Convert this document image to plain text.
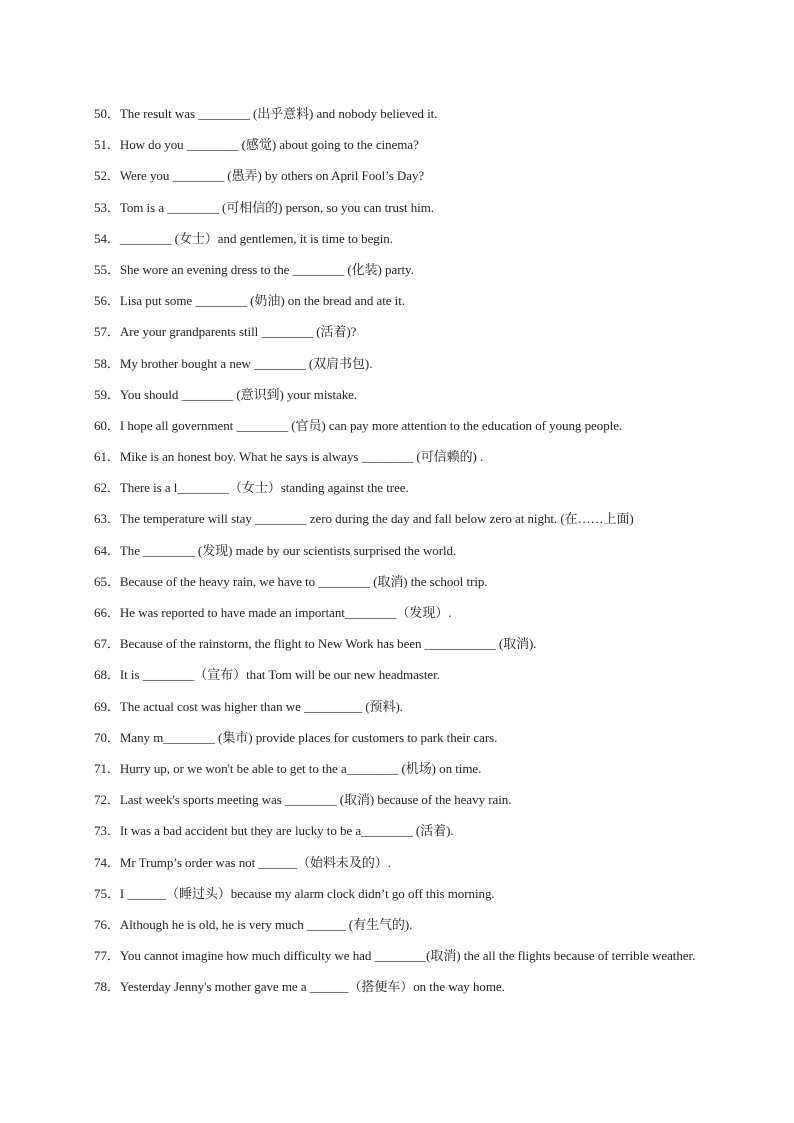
50．The result was ________ (出乎意料) and nobody believed it.
51．How do you ________ (感觉) about going to the cinema?
52．Were you ________ (愚弄) by others on April Fool’s Day?
53．Tom is a ________ (可相信的) person, so you can trust him.
54．________ (女士）and gentlemen, it is time to begin.
55．She wore an evening dress to the ________ (化装) party.
56．Lisa put some ________ (奶油) on the bread and ate it.
57．Are your grandparents still ________ (活着)?
58．My brother bought a new ________ (双肩书包).
59．You should ________ (意识到) your mistake.
60．I hope all government ________ (官员) can pay more attention to the education of young people.
61．Mike is an honest boy. What he says is always ________ (可信赖的) .
62．There is a l________（女士）standing against the tree.
63．The temperature will stay ________ zero during the day and fall below zero at night. (在……上面)
64．The ________ (发现) made by our scientists surprised the world.
65．Because of the heavy rain, we have to ________ (取消) the school trip.
66．He was reported to have made an important________（发现）.
67．Because of the rainstorm, the flight to New Work has been ___________ (取消).
68．It is ________（宣布）that Tom will be our new headmaster.
69．The actual cost was higher than we _________ (预料).
70．Many m________ (集市) provide places for customers to park their cars.
71．Hurry up, or we won't be able to get to the a________ (机场) on time.
72．Last week's sports meeting was ________ (取消) because of the heavy rain.
73．It was a bad accident but they are lucky to be a________ (活着).
74．Mr Trump’s order was not ______（始料未及的）.
75．I ______（睡过头）because my alarm clock didn’t go off this morning.
76．Although he is old, he is very much ______ (有生气的).
77．You cannot imagine how much difficulty we had ________(取消) the all the flights because of terrible weather.
78．Yesterday Jenny's mother gave me a ______（搭便车）on the way home.
